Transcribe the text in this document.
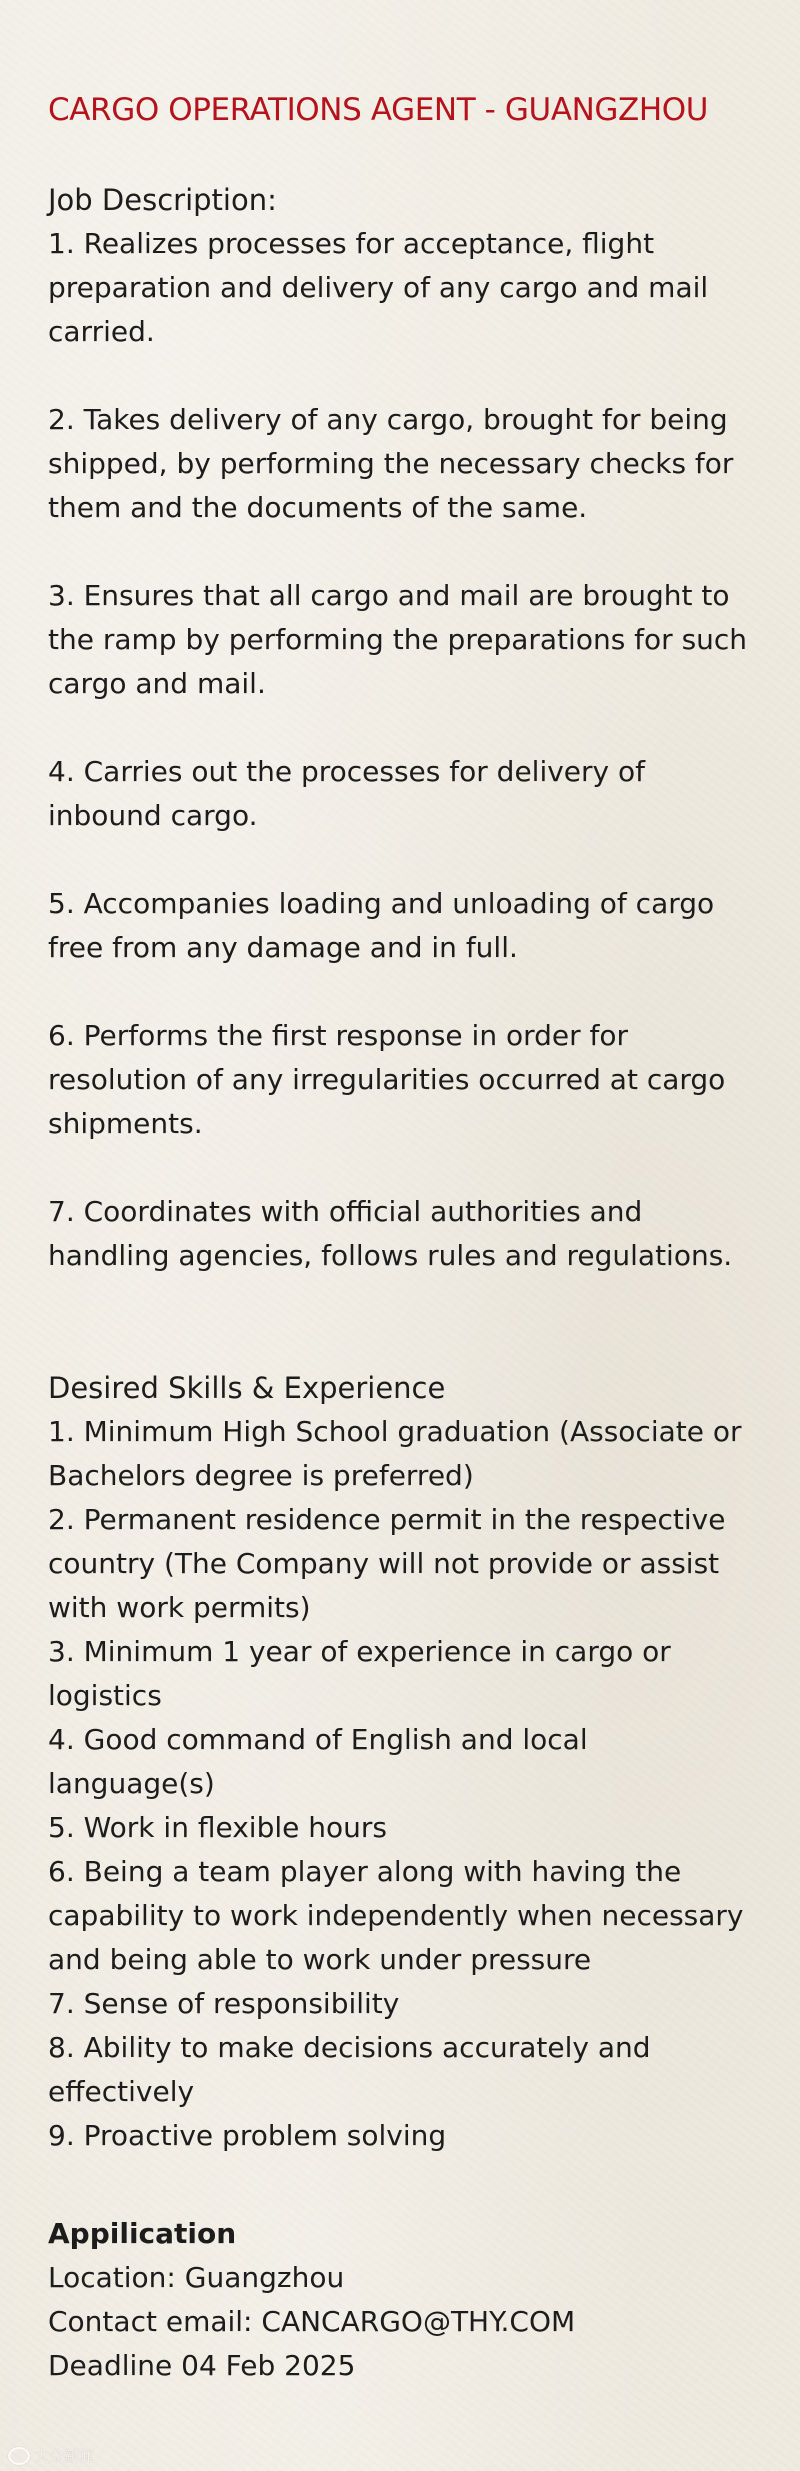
CARGO OPERATIONS AGENT - GUANGZHOU
Job Description:

1. Realizes processes for acceptance, flight preparation and delivery of any cargo and mail carried.

2. Takes delivery of any cargo, brought for being shipped, by performing the necessary checks for them and the documents of the same.

3. Ensures that all cargo and mail are brought to the ramp by performing the preparations for such cargo and mail.

4. Carries out the processes for delivery of inbound cargo.

5. Accompanies loading and unloading of cargo free from any damage and in full.

6. Performs the first response in order for resolution of any irregularities occurred at cargo shipments.

7. Coordinates with official authorities and handling agencies, follows rules and regulations.

Desired Skills & Experience

1. Minimum High School graduation (Associate or Bachelors degree is preferred)

2. Permanent residence permit in the respective country (The Company will not provide or assist with work permits)

3. Minimum 1 year of experience in cargo or logistics

4. Good command of English and local language(s)

5. Work in flexible hours

6. Being a team player along with having the capability to work independently when necessary and being able to work under pressure

7. Sense of responsibility

8. Ability to make decisions accurately and effectively

9. Proactive problem solving

Appilication

Location: Guangzhou

Contact email: CANCARGO@THY.COM

Deadline 04 Feb 2025

大众新闻
